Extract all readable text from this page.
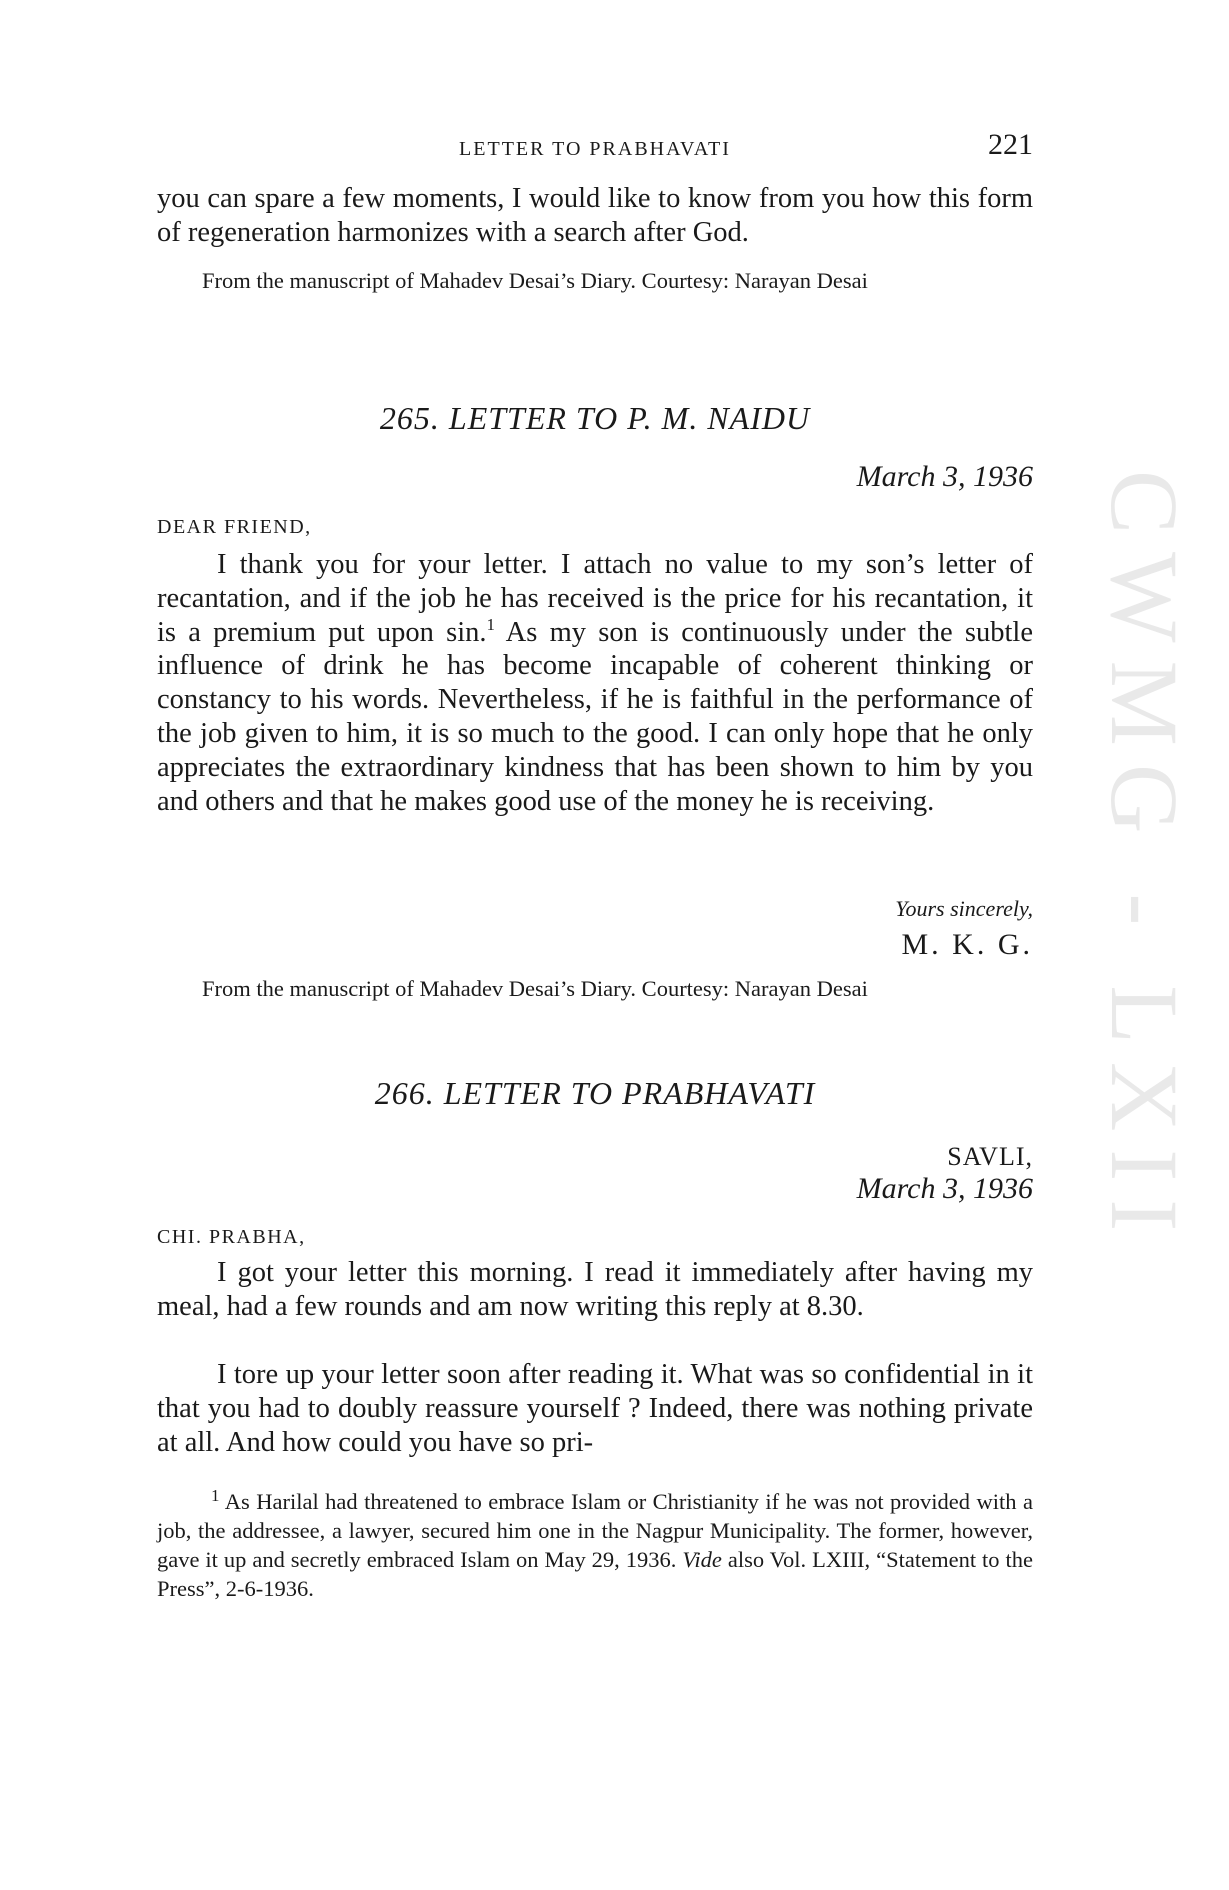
CWMG - LXII
LETTER TO PRABHAVATI	221

you can spare a few moments, I would like to know from you how this form of regeneration harmonizes with a search after God.

From the manuscript of Mahadev Desai’s Diary. Courtesy: Narayan Desai

265. LETTER TO P. M. NAIDU
March 3, 1936
DEAR FRIEND,

I thank you for your letter. I attach no value to my son’s letter of recantation, and if the job he has received is the price for his recantation, it is a premium put upon sin.$^1$ As my son is continuously under the subtle influence of drink he has become incapable of coherent thinking or constancy to his words. Nevertheless, if he is faithful in the performance of the job given to him, it is so much to the good. I can only hope that he only appreciates the extraordinary kindness that has been shown to him by you and others and that he makes good use of the money he is receiving.

Yours sincerely,
M. K. G.

From the manuscript of Mahadev Desai’s Diary. Courtesy: Narayan Desai

266. LETTER TO PRABHAVATI
SAVLI,
March 3, 1936
CHI. PRABHA,

I got your letter this morning. I read it immediately after having my meal, had a few rounds and am now writing this reply at 8.30.

I tore up your letter soon after reading it. What was so confidential in it that you had to doubly reassure yourself ? Indeed, there was nothing private at all. And how could you have so pri-

$^1$ As Harilal had threatened to embrace Islam or Christianity if he was not provided with a job, the addressee, a lawyer, secured him one in the Nagpur Municipality. The former, however, gave it up and secretly embraced Islam on May 29, 1936. Vide also Vol. LXIII, “Statement to the Press”, 2-6-1936.
